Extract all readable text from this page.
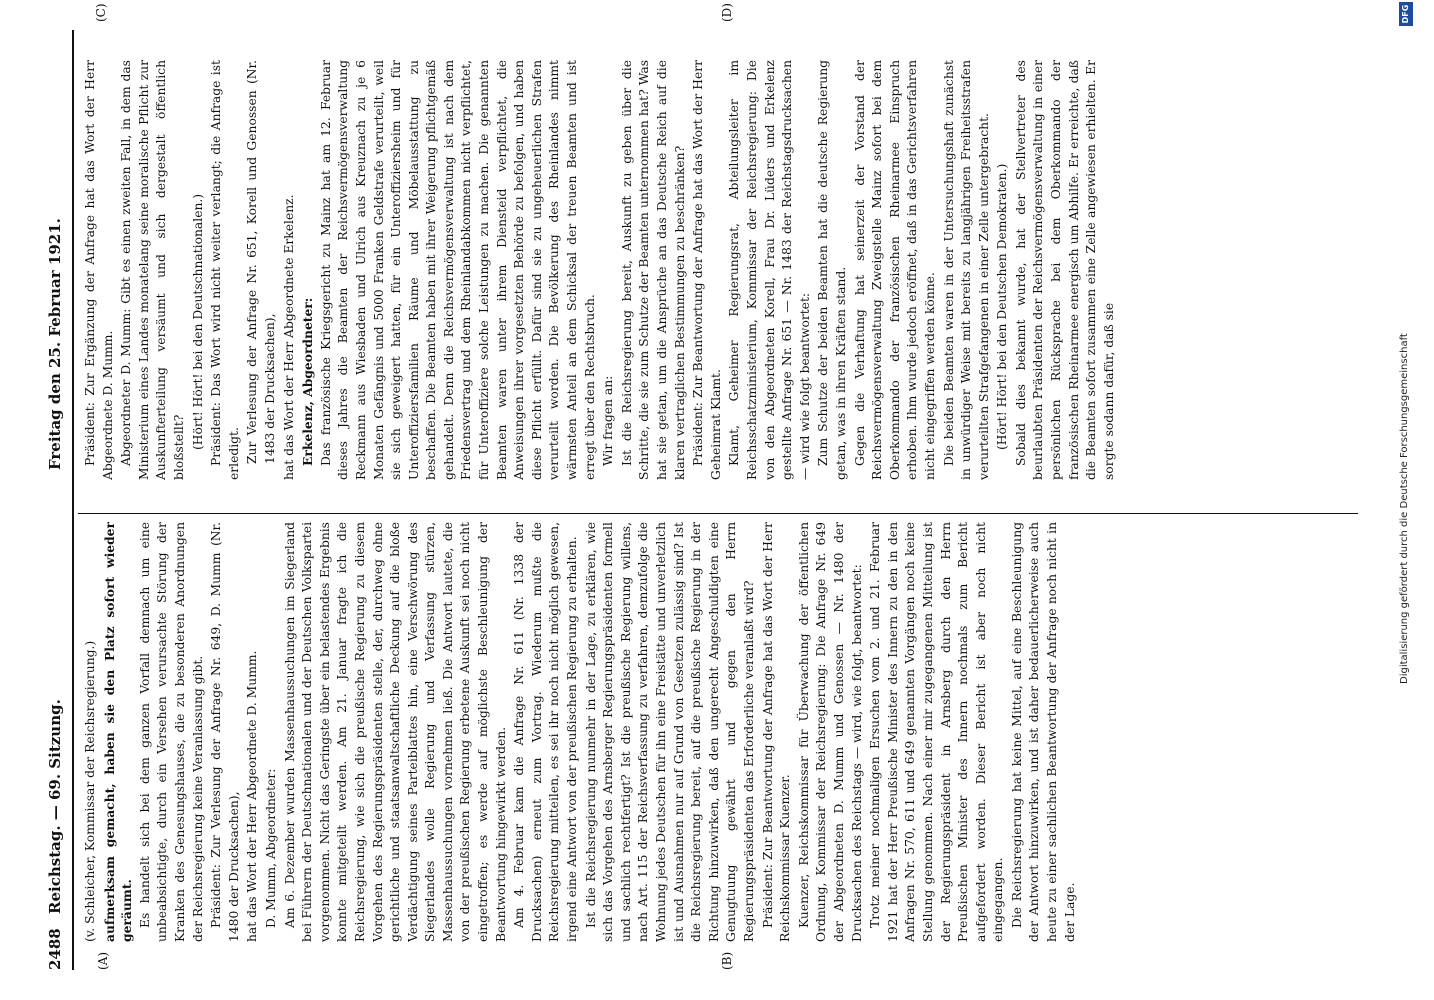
2488
Reichstag. — 69. Sitzung.
Freitag den 25. Februar 1921.
(A)	(B)
(C)	(D)

(v. Schleicher, Kommissar der Reichsregierung.) aufmerksam gemacht, haben sie den Platz sofort wieder geräumt. Es handelt sich bei dem ganzen Vorfall demnach um eine unbeabsichtigte, durch ein Versehen verursachte Störung der Kranken des Genesungshauses, die zu besonderen Anordnungen der Reichsregierung keine Veranlassung gibt. Präsident: Zur Verlesung der Anfrage Nr. 649, D. Mumm (Nr. 1480 der Drucksachen), hat das Wort der Herr Abgeordnete D. Mumm. D. Mumm, Abgeordneter: Am 6. Dezember wurden Massenhaussuchungen im Siegerland bei Führern der Deutschnationalen und der Deutschen Volkspartei vorgenommen. Nicht das Geringste über ein belastendes Ergebnis konnte mitgeteilt werden. Am 21. Januar fragte ich die Reichsregierung, wie sich die preußische Regierung zu diesem Vorgehen des Regierungspräsidenten stelle, der, durchweg ohne gerichtliche und staatsanwaltschaftliche Deckung auf die bloße Verdächtigung seines Parteiblattes hin, eine Verschwörung des Siegerlandes wolle Regierung und Verfassung stürzen, Massenhaussuchungen vornehmen ließ. Die Antwort lautete, die von der preußischen Regierung erbetene Auskunft sei noch nicht eingetroffen; es werde auf möglichste Beschleunigung der Beantwortung hingewirkt werden. Am 4. Februar kam die Anfrage Nr. 611 (Nr. 1338 der Drucksachen) erneut zum Vortrag. Wiederum mußte die Reichsregierung mitteilen, es sei ihr noch nicht möglich gewesen, irgend eine Antwort von der preußischen Regierung zu erhalten. Ist die Reichsregierung nunmehr in der Lage, zu erklären, wie sich das Vorgehen des Arnsberger Regierungspräsidenten formell und sachlich rechtfertigt? Ist die preußische Regierung willens, nach Art. 115 der Reichsverfassung zu verfahren, demzufolge die Wohnung jedes Deutschen für ihn eine Freistätte und unverletzlich ist und Ausnahmen nur auf Grund von Gesetzen zulässig sind? Ist die Reichsregierung bereit, auf die preußische Regierung in der Richtung hinzuwirken, daß den ungerecht Angeschuldigten eine Genugtuung gewährt und gegen den Herrn Regierungspräsidenten das Erforderliche veranlaßt wird? Präsident: Zur Beantwortung der Anfrage hat das Wort der Herr Reichskommissar Kuenzer. Kuenzer, Reichskommissar für Überwachung der öffentlichen Ordnung, Kommissar der Reichsregierung: Die Anfrage Nr. 649 der Abgeordneten D. Mumm und Genossen — Nr. 1480 der Drucksachen des Reichstags — wird, wie folgt, beantwortet: Trotz meiner nochmaligen Ersuchen vom 2. und 21. Februar 1921 hat der Herr Preußische Minister des Innern zu den in den Anfragen Nr. 570, 611 und 649 genannten Vorgängen noch keine Stellung genommen. Nach einer mir zugegangenen Mitteilung ist der Regierungspräsident in Arnsberg durch den Herrn Preußischen Minister des Innern nochmals zum Bericht aufgefordert worden. Dieser Bericht ist aber noch nicht eingegangen. Die Reichsregierung hat keine Mittel, auf eine Beschleunigung der Antwort hinzuwirken, und ist daher bedauerlicherweise auch heute zu einer sachlichen Beantwortung der Anfrage noch nicht in der Lage.

Präsident: Zur Ergänzung der Anfrage hat das Wort der Herr Abgeordnete D. Mumm. Abgeordneter D. Mumm: Gibt es einen zweiten Fall, in dem das Ministerium eines Landes monatelang seine moralische Pflicht zur Auskunfterteilung versäumt und sich dergestalt öffentlich bloßstellt? (Hört! Hört! bei den Deutschnationalen.) Präsident: Das Wort wird nicht weiter verlangt; die Anfrage ist erledigt. Zur Verlesung der Anfrage Nr. 651, Korell und Genossen (Nr. 1483 der Drucksachen), hat das Wort der Herr Abgeordnete Erkelenz. Erkelenz, Abgeordneter: Das französische Kriegsgericht zu Mainz hat am 12. Februar dieses Jahres die Beamten der Reichsvermögensverwaltung Reckmann aus Wiesbaden und Ulrich aus Kreuznach zu je 6 Monaten Gefängnis und 5000 Franken Geldstrafe verurteilt, weil sie sich geweigert hatten, für ein Unteroffiziersheim und für Unteroffiziersfamilien Räume und Möbelausstattung zu beschaffen. Die Beamten haben mit ihrer Weigerung pflichtgemäß gehandelt. Denn die Reichsvermögensverwaltung ist nach dem Friedensvertrag und dem Rheinlandabkommen nicht verpflichtet, für Unteroffiziere solche Leistungen zu machen. Die genannten Beamten waren unter ihrem Diensteid verpflichtet, die Anweisungen ihrer vorgesetzten Behörde zu befolgen, und haben diese Pflicht erfüllt. Dafür sind sie zu ungeheuerlichen Strafen verurteilt worden. Die Bevölkerung des Rheinlandes nimmt wärmsten Anteil an dem Schicksal der treuen Beamten und ist erregt über den Rechtsbruch. Wir fragen an: Ist die Reichsregierung bereit, Auskunft zu geben über die Schritte, die sie zum Schutze der Beamten unternommen hat? Was hat sie getan, um die Ansprüche an das Deutsche Reich auf die klaren vertraglichen Bestimmungen zu beschränken? Präsident: Zur Beantwortung der Anfrage hat das Wort der Herr Geheimrat Klamt. Klamt, Geheimer Regierungsrat, Abteilungsleiter im Reichsschatzministerium, Kommissar der Reichsregierung: Die von den Abgeordneten Korell, Frau Dr. Lüders und Erkelenz gestellte Anfrage Nr. 651 — Nr. 1483 der Reichstagsdrucksachen — wird wie folgt beantwortet: Zum Schutze der beiden Beamten hat die deutsche Regierung getan, was in ihren Kräften stand. Gegen die Verhaftung hat seinerzeit der Vorstand der Reichsvermögensverwaltung Zweigstelle Mainz sofort bei dem Oberkommando der französischen Rheinarmee Einspruch erhoben. Ihm wurde jedoch eröffnet, daß in das Gerichtsverfahren nicht eingegriffen werden könne. Die beiden Beamten waren in der Untersuchungshaft zunächst in unwürdiger Weise mit bereits zu langjährigen Freiheitsstrafen verurteilten Strafgefangenen in einer Zelle untergebracht. (Hört! Hört! bei den Deutschen Demokraten.) Sobald dies bekannt wurde, hat der Stellvertreter des beurlaubten Präsidenten der Reichsvermögensverwaltung in einer persönlichen Rücksprache bei dem Oberkommando der französischen Rheinarmee energisch um Abhilfe. Er erreichte, daß die Beamten sofort zusammen eine Zelle angewiesen erhielten. Er sorgte sodann dafür, daß sie	Digitalisierung gefördert durch die Deutsche Forschungsgemeinschaft
DFG
